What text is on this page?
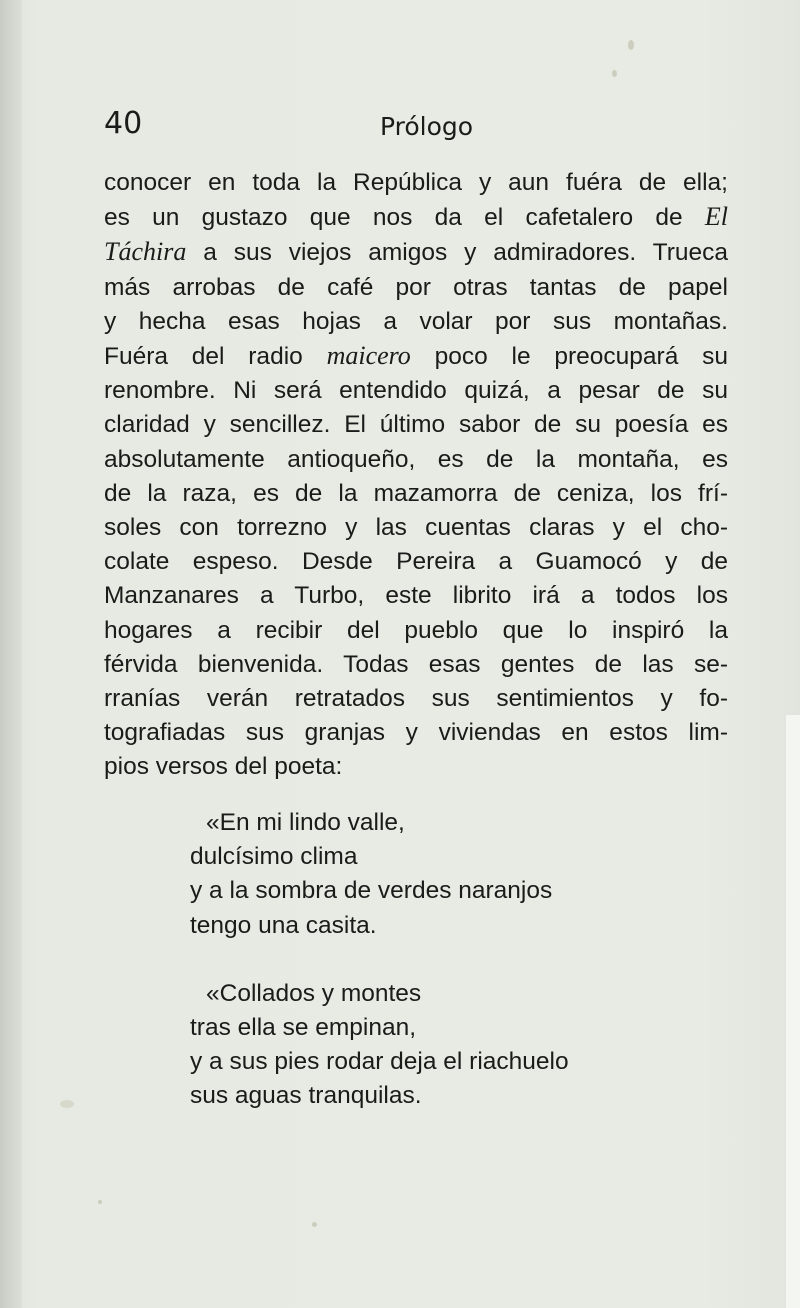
40	Prólogo
conocer en toda la República y aun fuéra de ella;
es un gustazo que nos da el cafetalero de El
Táchira a sus viejos amigos y admiradores. Trueca
más arrobas de café por otras tantas de papel
y hecha esas hojas a volar por sus montañas.
Fuéra del radio maicero poco le preocupará su
renombre. Ni será entendido quizá, a pesar de su
claridad y sencillez. El último sabor de su poesía es
absolutamente antioqueño, es de la montaña, es
de la raza, es de la mazamorra de ceniza, los frí-
soles con torrezno y las cuentas claras y el cho-
colate espeso. Desde Pereira a Guamocó y de
Manzanares a Turbo, este librito irá a todos los
hogares a recibir del pueblo que lo inspiró la
férvida bienvenida. Todas esas gentes de las se-
rranías verán retratados sus sentimientos y fo-
tografiadas sus granjas y viviendas en estos lim-
pios versos del poeta:

«En mi lindo valle,
dulcísimo clima
y a la sombra de verdes naranjos
tengo una casita.

«Collados y montes
tras ella se empinan,
y a sus pies rodar deja el riachuelo
sus aguas tranquilas.
